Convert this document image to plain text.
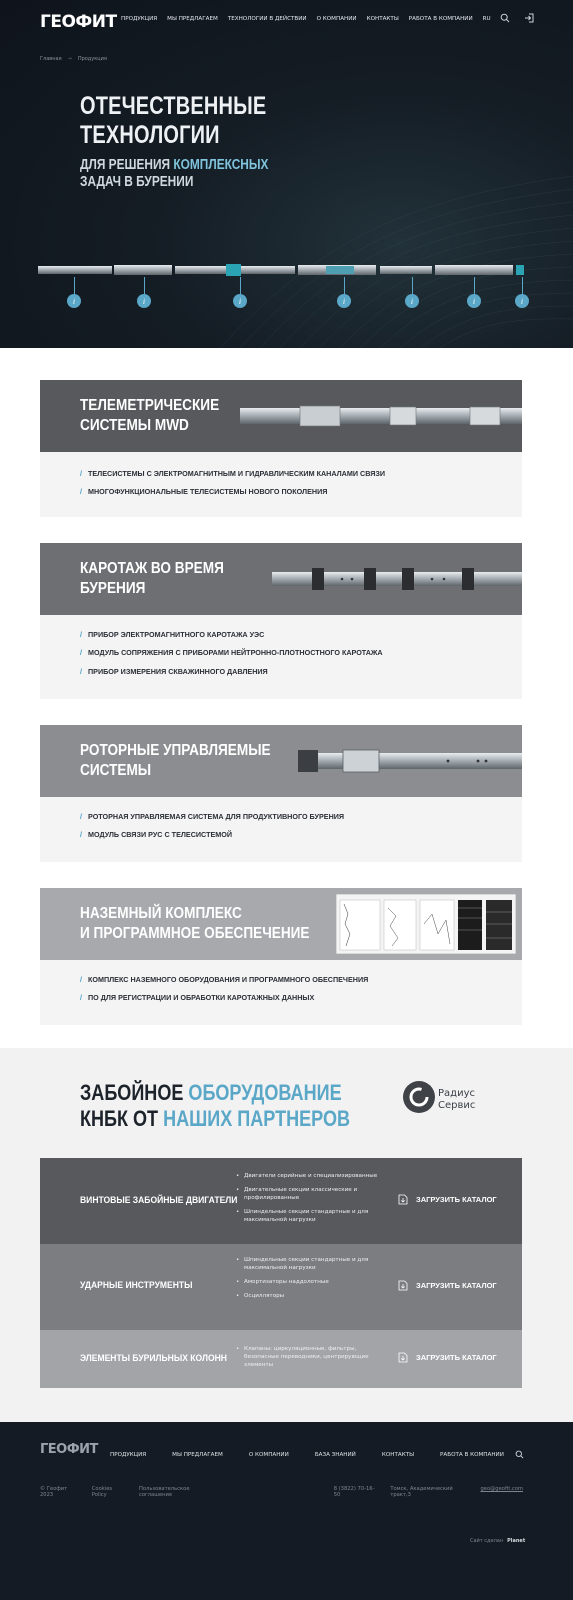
ГЕОФИТ ПРОДУКЦИЯ МЫ ПРЕДЛАГАЕМ ТЕХНОЛОГИИ В ДЕЙСТВИИ О КОМПАНИИ КОНТАКТЫ РАБОТА В КОМПАНИИ RU
Главная → Продукция
ОТЕЧЕСТВЕННЫЕ
ТЕХНОЛОГИИ
ДЛЯ РЕШЕНИЯ КОМПЛЕКСНЫХ
ЗАДАЧ В БУРЕНИИ
i	i	i	i	i	i	i
ТЕЛЕМЕТРИЧЕСКИЕ
СИСТЕМЫ MWD
/ ТЕЛЕСИСТЕМЫ С ЭЛЕКТРОМАГНИТНЫМ И ГИДРАВЛИЧЕСКИМ КАНАЛАМИ СВЯЗИ
/ МНОГОФУНКЦИОНАЛЬНЫЕ ТЕЛЕСИСТЕМЫ НОВОГО ПОКОЛЕНИЯ
КАРОТАЖ ВО ВРЕМЯ
БУРЕНИЯ
/ ПРИБОР ЭЛЕКТРОМАГНИТНОГО КАРОТАЖА УЭС
/ МОДУЛЬ СОПРЯЖЕНИЯ С ПРИБОРАМИ НЕЙТРОННО-ПЛОТНОСТНОГО КАРОТАЖА
/ ПРИБОР ИЗМЕРЕНИЯ СКВАЖИННОГО ДАВЛЕНИЯ
РОТОРНЫЕ УПРАВЛЯЕМЫЕ
СИСТЕМЫ
/ РОТОРНАЯ УПРАВЛЯЕМАЯ СИСТЕМА ДЛЯ ПРОДУКТИВНОГО БУРЕНИЯ
/ МОДУЛЬ СВЯЗИ РУС С ТЕЛЕСИСТЕМОЙ
НАЗЕМНЫЙ КОМПЛЕКС
И ПРОГРАММНОЕ ОБЕСПЕЧЕНИЕ
/ КОМПЛЕКС НАЗЕМНОГО ОБОРУДОВАНИЯ И ПРОГРАММНОГО ОБЕСПЕЧЕНИЯ
/ ПО ДЛЯ РЕГИСТРАЦИИ И ОБРАБОТКИ КАРОТАЖНЫХ ДАННЫХ
ЗАБОЙНОЕ ОБОРУДОВАНИЕ
КНБК ОТ НАШИХ ПАРТНЕРОВ
Радиус
Сервис
ВИНТОВЫЕ ЗАБОЙНЫЕ ДВИГАТЕЛИ
• Двигатели серийные и специализированные
• Двигательные секции классические и профилированные
• Шпиндельные секции стандартные и для максимальной нагрузки
ЗАГРУЗИТЬ КАТАЛОГ
УДАРНЫЕ ИНСТРУМЕНТЫ
• Шпиндельные секции стандартные и для максимальной нагрузки
• Амортизаторы наддолотные
• Осцилляторы
ЗАГРУЗИТЬ КАТАЛОГ
ЭЛЕМЕНТЫ БУРИЛЬНЫХ КОЛОНН
• Клапаны: циркуляционные, фильтры, безопасные переводники, центрирующие элементы
ЗАГРУЗИТЬ КАТАЛОГ
ГЕОФИТ ПРОДУКЦИЯ	МЫ ПРЕДЛАГАЕМ	О КОМПАНИИ	БАЗА ЗНАНИЙ	КОНТАКТЫ	РАБОТА В КОМПАНИИ
© Геофит 2023
Cookies Policy
Пользовательское соглашение
8 (3822) 70-16-50
Томск, Академический тракт,3
geo@geofit.com
Сайт сделан Planet
